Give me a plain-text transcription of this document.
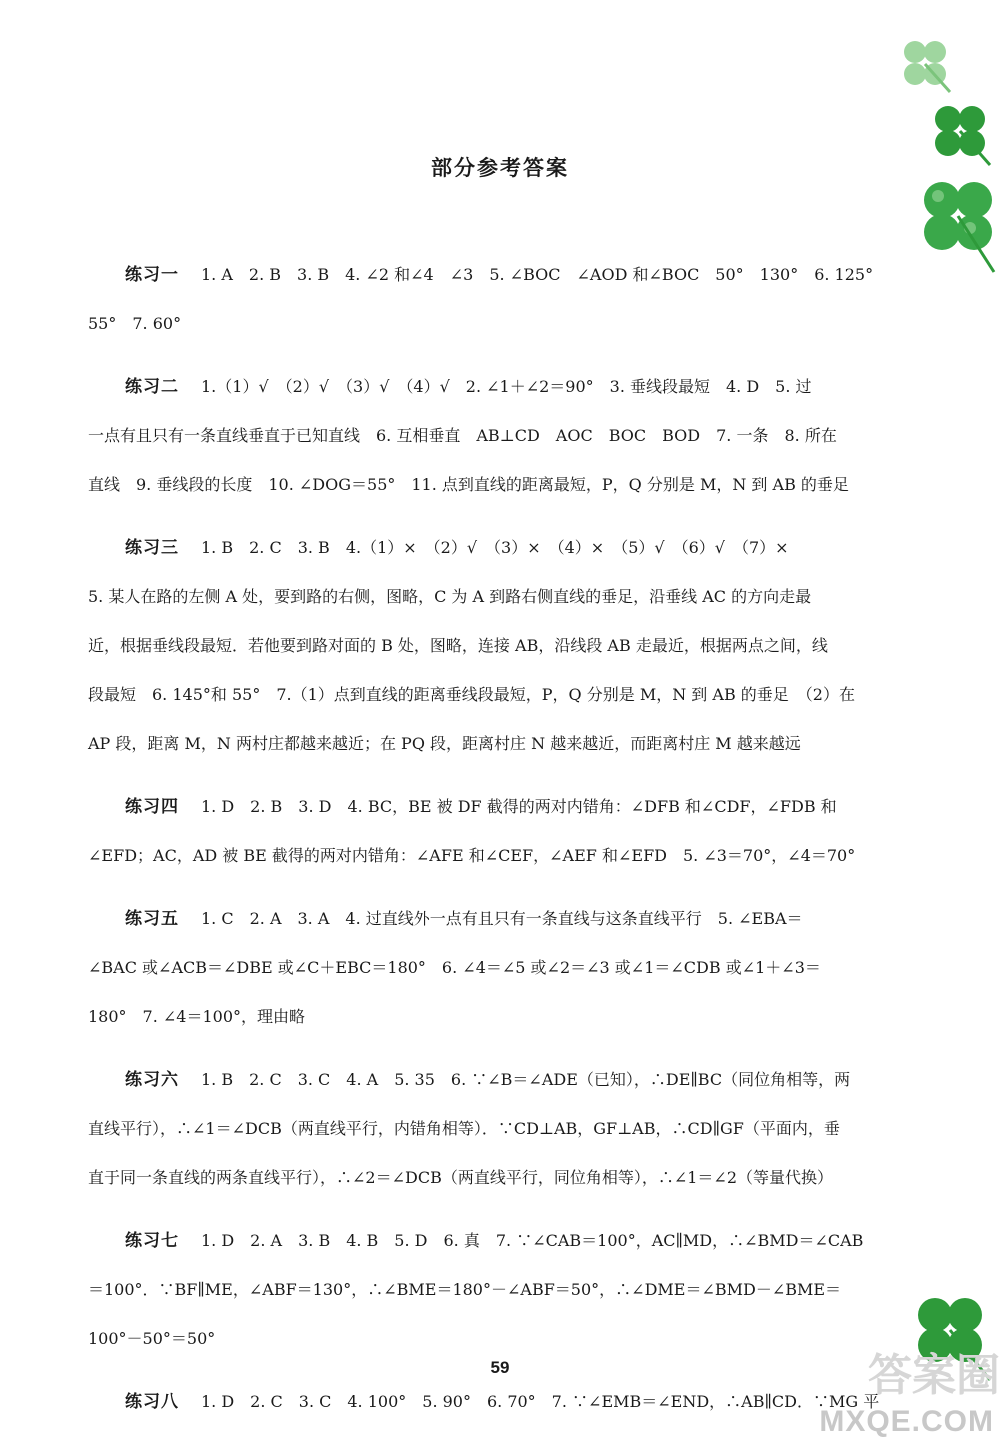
部分参考答案
练习一 1. A　2. B　3. B　4. ∠2 和∠4　∠3　5. ∠BOC　∠AOD 和∠BOC　50°　130°　6. 125°
55°　7. 60°
练习二 1.（1）√　（2）√　（3）√　（4）√　2. ∠1＋∠2＝90°　3. 垂线段最短　4. D　5. 过
一点有且只有一条直线垂直于已知直线　6. 互相垂直　AB⊥CD　AOC　BOC　BOD　7. 一条　8. 所在
直线　9. 垂线段的长度　10. ∠DOG＝55°　11. 点到直线的距离最短，P，Q 分别是 M，N 到 AB 的垂足
练习三 1. B　2. C　3. B　4.（1）×　（2）√　（3）×　（4）×　（5）√　（6）√　（7）×
5. 某人在路的左侧 A 处，要到路的右侧，图略，C 为 A 到路右侧直线的垂足，沿垂线 AC 的方向走最
近，根据垂线段最短．若他要到路对面的 B 处，图略，连接 AB，沿线段 AB 走最近，根据两点之间，线
段最短　6. 145°和 55°　7.（1）点到直线的距离垂线段最短，P，Q 分别是 M，N 到 AB 的垂足　（2）在
AP 段，距离 M，N 两村庄都越来越近；在 PQ 段，距离村庄 N 越来越近，而距离村庄 M 越来越远
练习四 1. D　2. B　3. D　4. BC，BE 被 DF 截得的两对内错角：∠DFB 和∠CDF，∠FDB 和
∠EFD；AC，AD 被 BE 截得的两对内错角：∠AFE 和∠CEF，∠AEF 和∠EFD　5. ∠3＝70°，∠4＝70°
练习五 1. C　2. A　3. A　4. 过直线外一点有且只有一条直线与这条直线平行　5. ∠EBA＝
∠BAC 或∠ACB＝∠DBE 或∠C＋EBC＝180°　6. ∠4＝∠5 或∠2＝∠3 或∠1＝∠CDB 或∠1＋∠3＝
180°　7. ∠4＝100°，理由略
练习六 1. B　2. C　3. C　4. A　5. 35　6. ∵∠B＝∠ADE（已知），∴DE∥BC（同位角相等，两
直线平行），∴∠1＝∠DCB（两直线平行，内错角相等）．∵CD⊥AB，GF⊥AB，∴CD∥GF（平面内，垂
直于同一条直线的两条直线平行），∴∠2＝∠DCB（两直线平行，同位角相等），∴∠1＝∠2（等量代换）
练习七 1. D　2. A　3. B　4. B　5. D　6. 真　7. ∵∠CAB＝100°，AC∥MD，∴∠BMD＝∠CAB
＝100°．∵BF∥ME，∠ABF＝130°，∴∠BME＝180°－∠ABF＝50°，∴∠DME＝∠BMD－∠BME＝
100°－50°＝50°
练习八 1. D　2. C　3. C　4. 100°　5. 90°　6. 70°　7. ∵∠EMB＝∠END，∴AB∥CD．∵MG 平
59	答案圈
MXQE.COM
